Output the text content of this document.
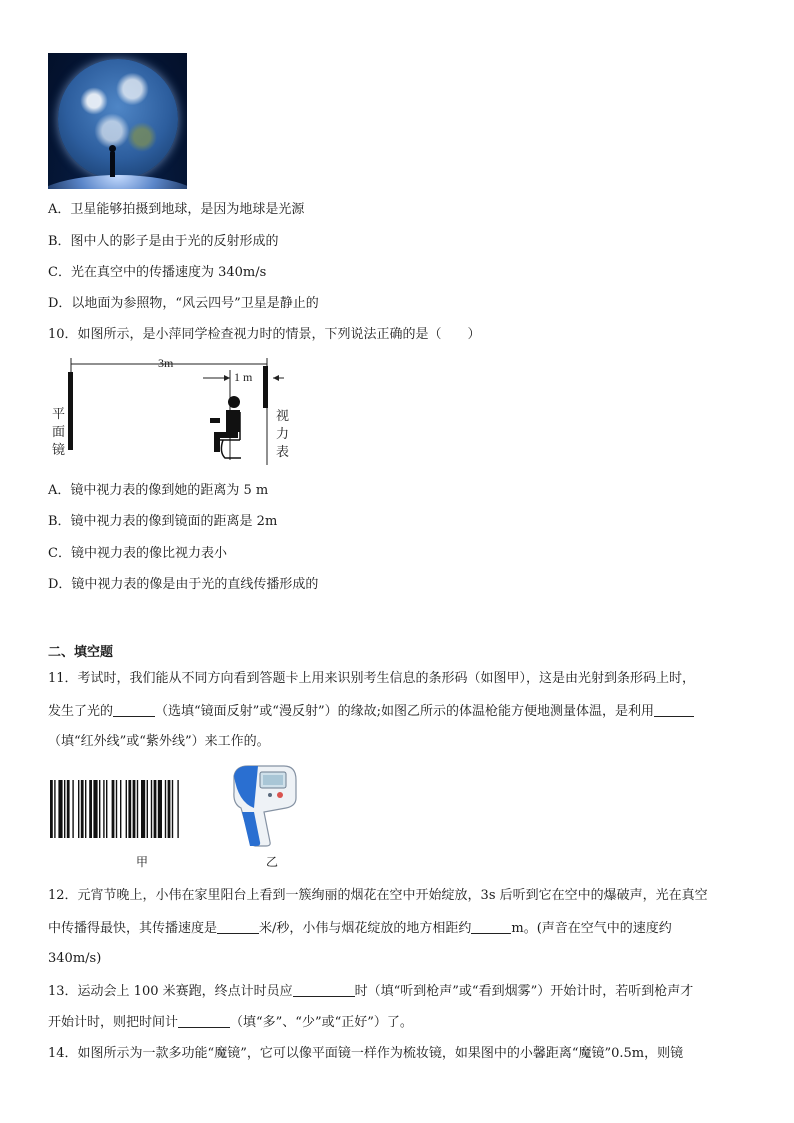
A．卫星能够拍摄到地球，是因为地球是光源
B．图中人的影子是由于光的反射形成的
C．光在真空中的传播速度为 340m/s
D．以地面为参照物，“风云四号”卫星是静止的
10．如图所示，是小萍同学检查视力时的情景，下列说法正确的是（　　）
3m
1 m
平
面
镜
视
力
表
A．镜中视力表的像到她的距离为 5 m
B．镜中视力表的像到镜面的距离是 2m
C．镜中视力表的像比视力表小
D．镜中视力表的像是由于光的直线传播形成的
二、填空题
11．考试时，我们能从不同方向看到答题卡上用来识别考生信息的条形码（如图甲），这是由光射到条形码上时，
发生了光的	（选填“镜面反射”或“漫反射”）的缘故;如图乙所示的体温枪能方便地测量体温，是利用
（填“红外线”或“紫外线”）来工作的。
甲	乙
12．元宵节晚上，小伟在家里阳台上看到一簇绚丽的烟花在空中开始绽放，3s 后听到它在空中的爆破声，光在真空
中传播得最快，其传播速度是	米/秒，小伟与烟花绽放的地方相距约	m。(声音在空气中的速度约
340m/s)
13．运动会上 100 米赛跑，终点计时员应	时（填“听到枪声”或“看到烟雾”）开始计时，若听到枪声才
开始计时，则把时间计	（填“多”、“少”或“正好”）了。
14．如图所示为一款多功能“魔镜”，它可以像平面镜一样作为梳妆镜，如果图中的小馨距离“魔镜”0.5m，则镜
